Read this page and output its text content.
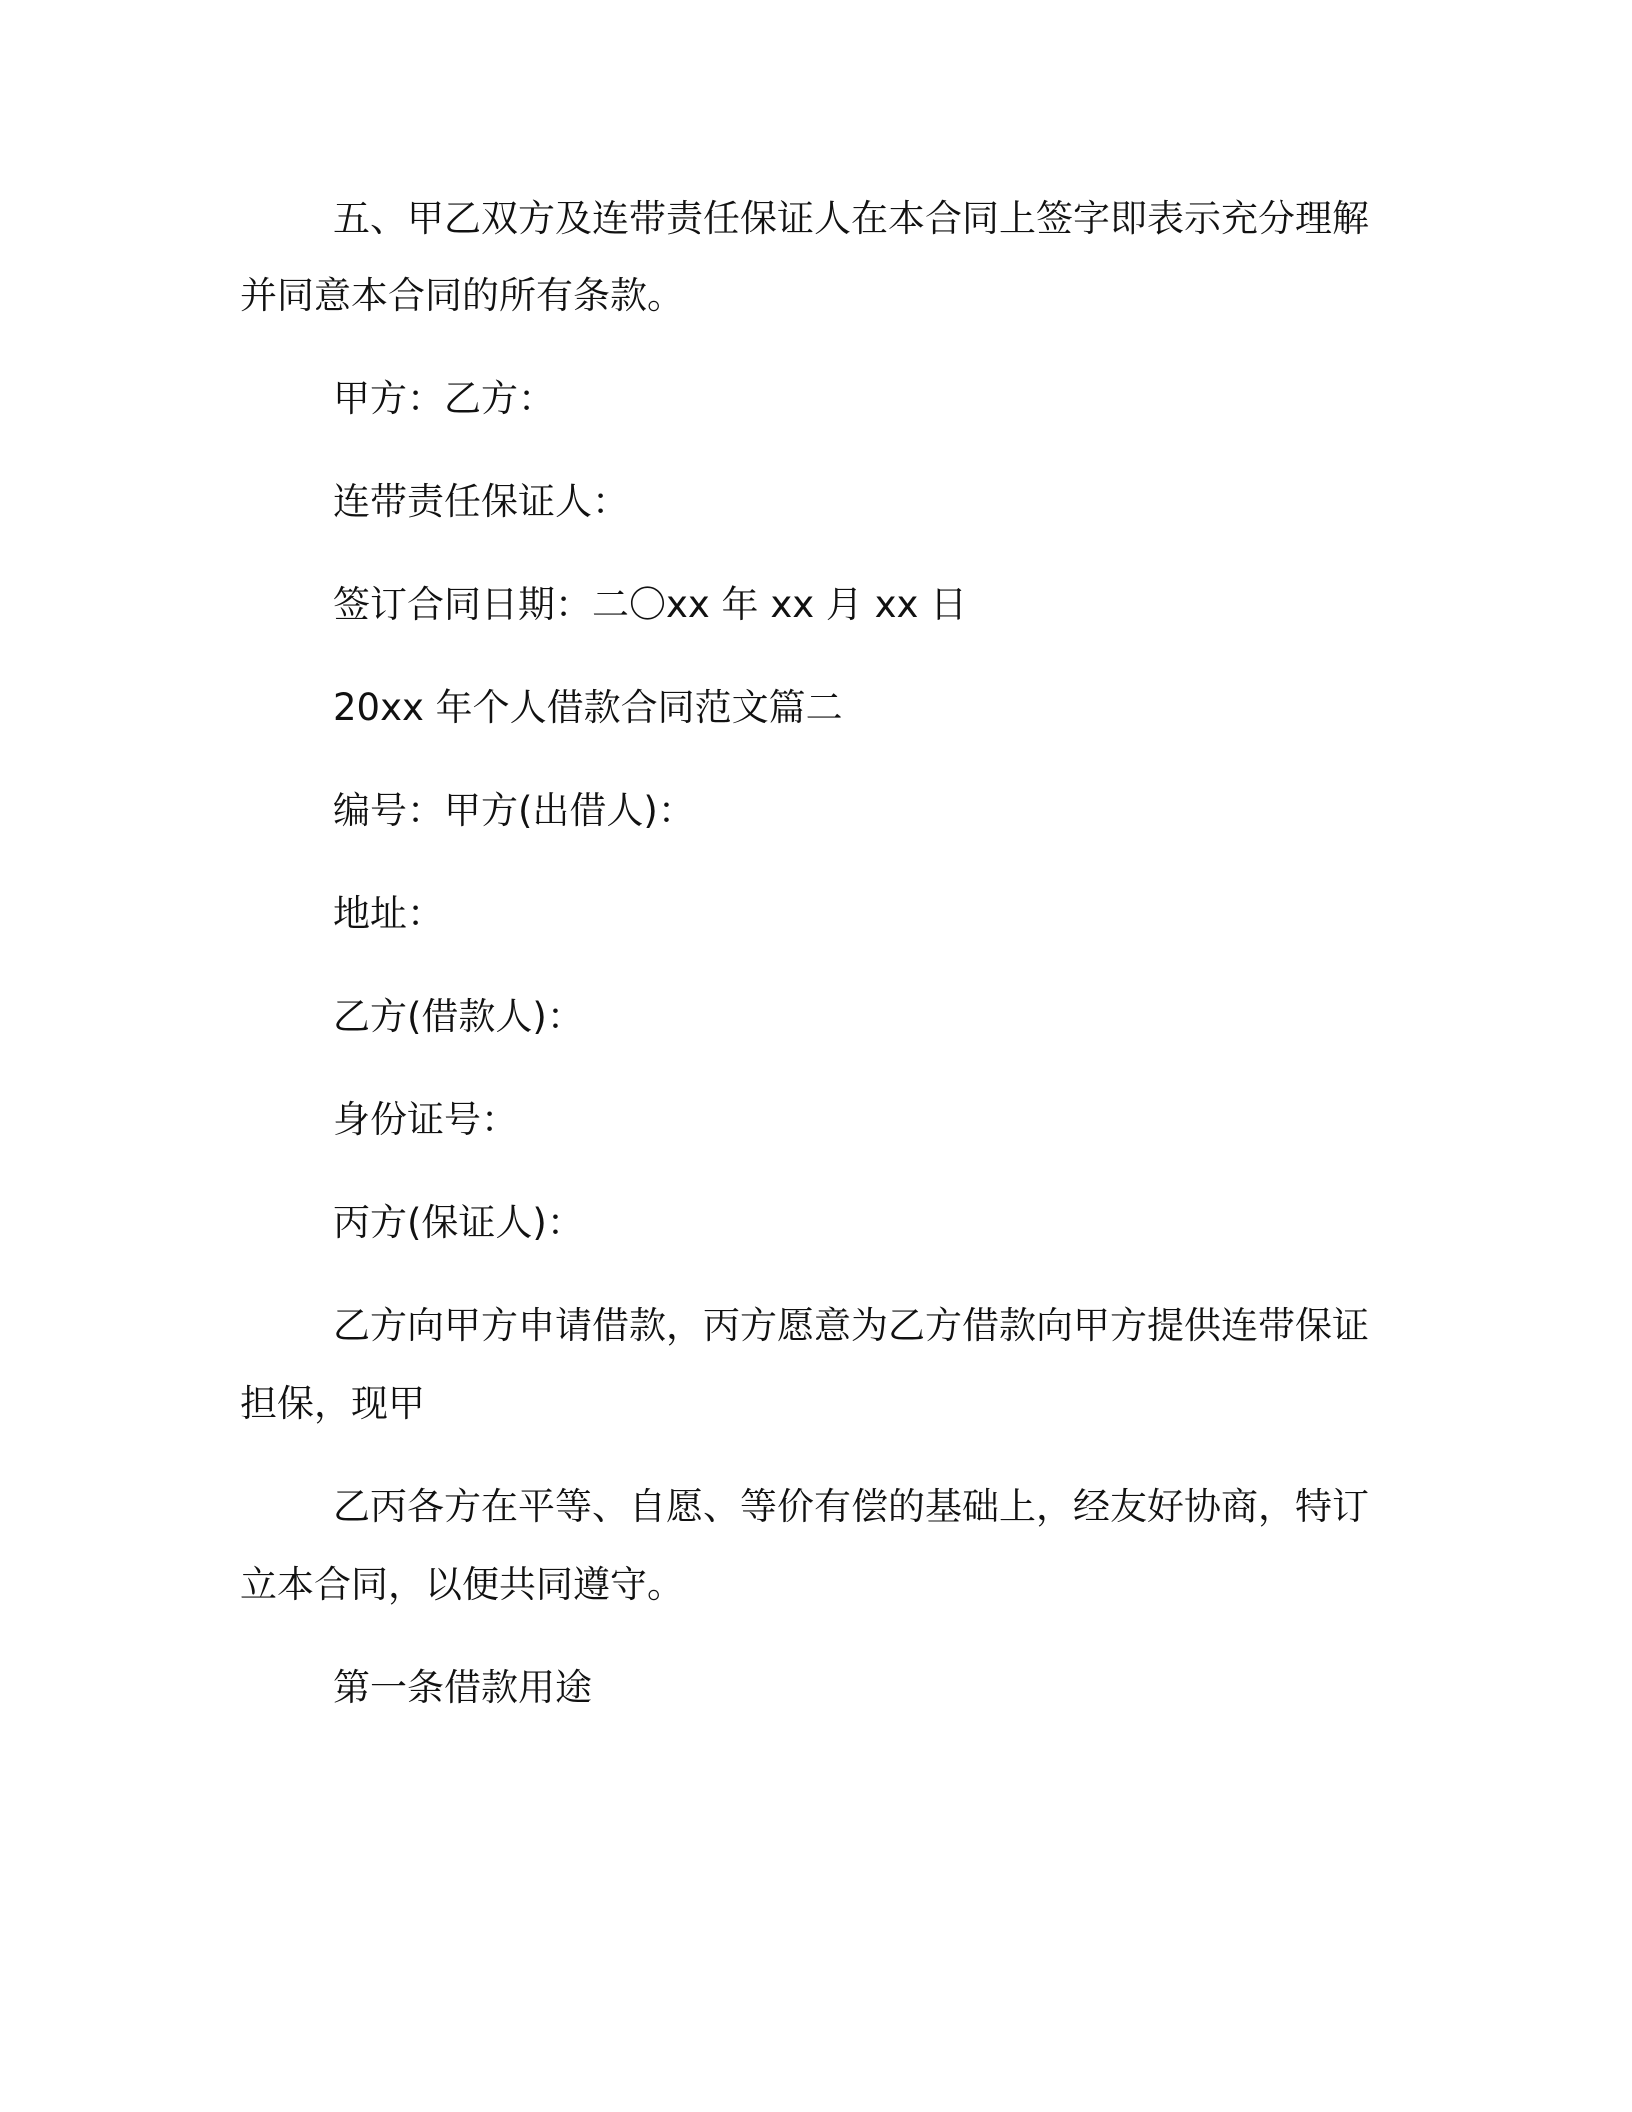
五、甲乙双方及连带责任保证人在本合同上签字即表示充分理解
并同意本合同的所有条款。
甲方：乙方：
连带责任保证人：
签订合同日期：二〇xx 年 xx 月 xx 日
20xx 年个人借款合同范文篇二
编号：甲方(出借人)：
地址：
乙方(借款人)：
身份证号：
丙方(保证人)：
乙方向甲方申请借款，丙方愿意为乙方借款向甲方提供连带保证
担保，现甲
乙丙各方在平等、自愿、等价有偿的基础上，经友好协商，特订
立本合同，以便共同遵守。
第一条借款用途
